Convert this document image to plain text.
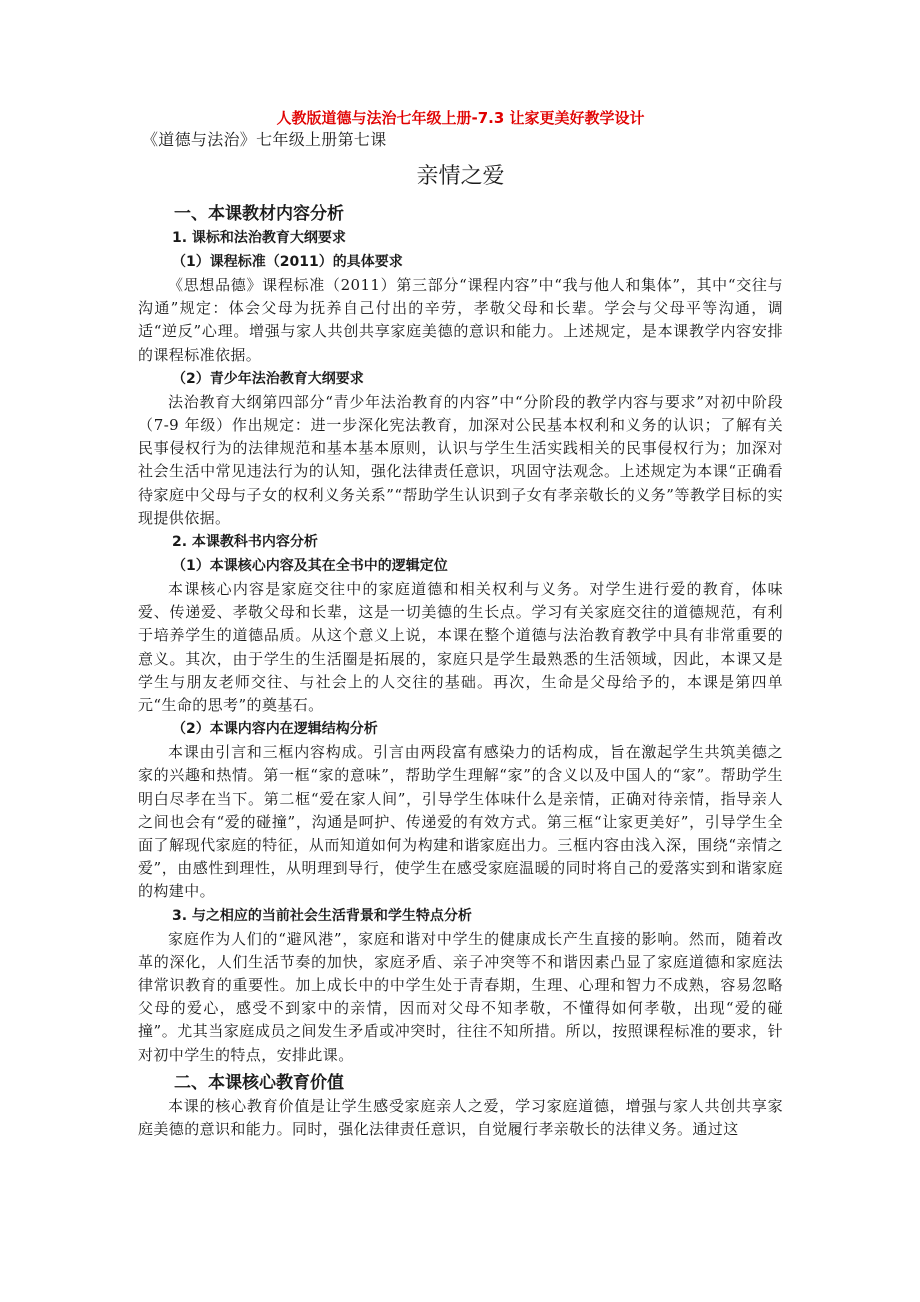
人教版道德与法治七年级上册-7.3 让家更美好教学设计
《道德与法治》七年级上册第七课
亲情之爱
一、本课教材内容分析
1. 课标和法治教育大纲要求
（1）课程标准（2011）的具体要求
《思想品德》课程标准（2011）第三部分“课程内容”中“我与他人和集体”，其中“交往与沟通”规定：体会父母为抚养自己付出的辛劳，孝敬父母和长辈。学会与父母平等沟通，调适“逆反”心理。增强与家人共创共享家庭美德的意识和能力。上述规定，是本课教学内容安排的课程标准依据。
（2）青少年法治教育大纲要求
法治教育大纲第四部分“青少年法治教育的内容”中“分阶段的教学内容与要求”对初中阶段（7-9 年级）作出规定：进一步深化宪法教育，加深对公民基本权利和义务的认识；了解有关民事侵权行为的法律规范和基本基本原则，认识与学生生活实践相关的民事侵权行为；加深对社会生活中常见违法行为的认知，强化法律责任意识，巩固守法观念。上述规定为本课“正确看待家庭中父母与子女的权利义务关系”“帮助学生认识到子女有孝亲敬长的义务”等教学目标的实现提供依据。
2. 本课教科书内容分析
（1）本课核心内容及其在全书中的逻辑定位
本课核心内容是家庭交往中的家庭道德和相关权利与义务。对学生进行爱的教育，体味爱、传递爱、孝敬父母和长辈，这是一切美德的生长点。学习有关家庭交往的道德规范，有利于培养学生的道德品质。从这个意义上说，本课在整个道德与法治教育教学中具有非常重要的意义。其次，由于学生的生活圈是拓展的，家庭只是学生最熟悉的生活领域，因此，本课又是学生与朋友老师交往、与社会上的人交往的基础。再次，生命是父母给予的，本课是第四单元“生命的思考”的奠基石。
（2）本课内容内在逻辑结构分析
本课由引言和三框内容构成。引言由两段富有感染力的话构成，旨在激起学生共筑美德之家的兴趣和热情。第一框“家的意味”，帮助学生理解“家”的含义以及中国人的“家”。帮助学生明白尽孝在当下。第二框“爱在家人间”，引导学生体味什么是亲情，正确对待亲情，指导亲人之间也会有“爱的碰撞”，沟通是呵护、传递爱的有效方式。第三框“让家更美好”，引导学生全面了解现代家庭的特征，从而知道如何为构建和谐家庭出力。三框内容由浅入深，围绕“亲情之爱”，由感性到理性，从明理到导行，使学生在感受家庭温暖的同时将自己的爱落实到和谐家庭的构建中。
3. 与之相应的当前社会生活背景和学生特点分析
家庭作为人们的“避风港”，家庭和谐对中学生的健康成长产生直接的影响。然而，随着改革的深化，人们生活节奏的加快，家庭矛盾、亲子冲突等不和谐因素凸显了家庭道德和家庭法律常识教育的重要性。加上成长中的中学生处于青春期，生理、心理和智力不成熟，容易忽略父母的爱心，感受不到家中的亲情，因而对父母不知孝敬，不懂得如何孝敬，出现“爱的碰撞”。尤其当家庭成员之间发生矛盾或冲突时，往往不知所措。所以，按照课程标准的要求，针对初中学生的特点，安排此课。
二、本课核心教育价值
本课的核心教育价值是让学生感受家庭亲人之爱，学习家庭道德，增强与家人共创共享家庭美德的意识和能力。同时，强化法律责任意识，自觉履行孝亲敬长的法律义务。通过这
